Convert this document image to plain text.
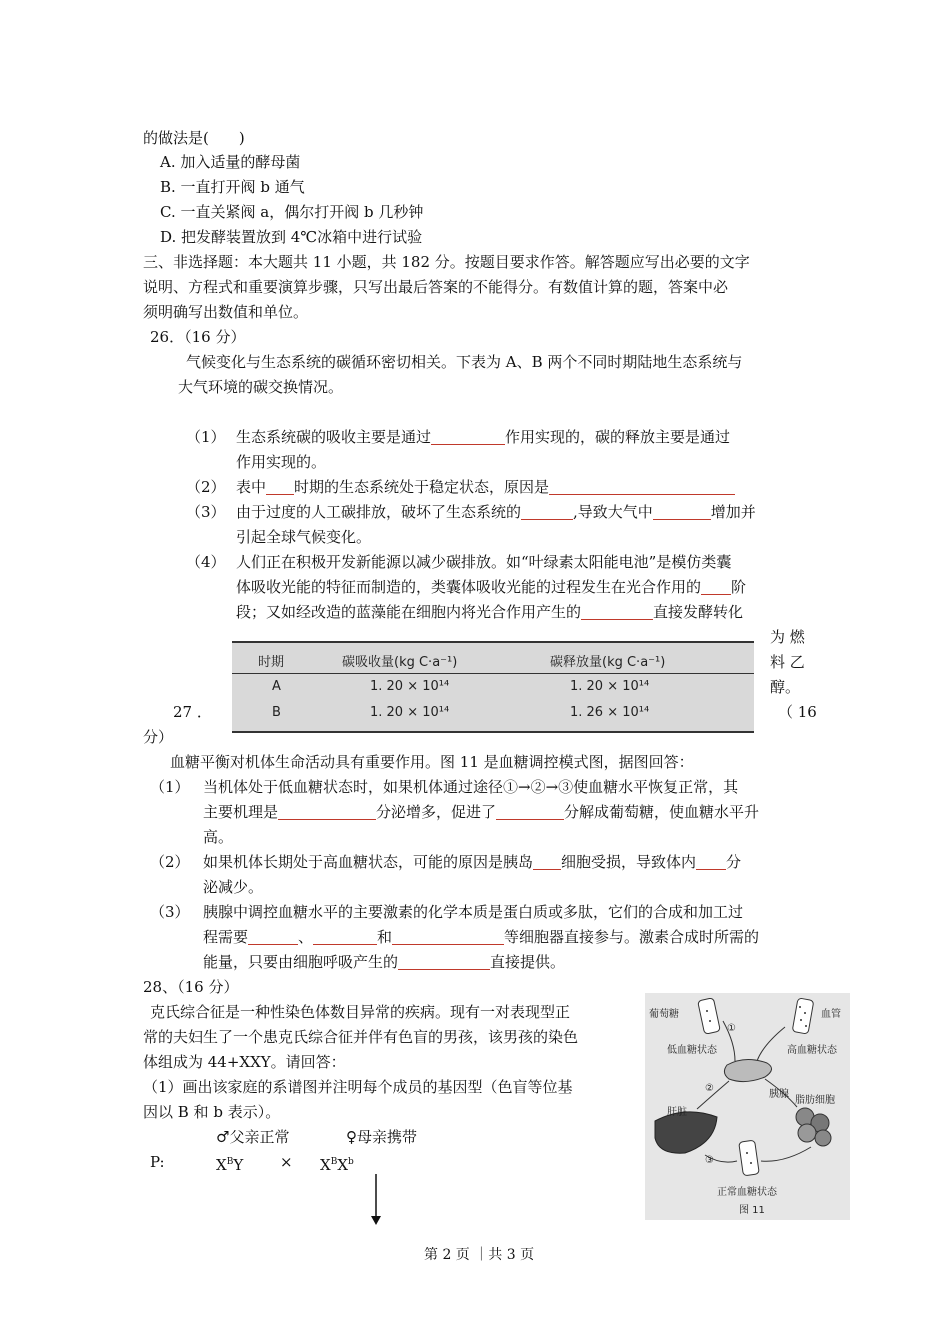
的做法是(　　)
A. 加入适量的酵母菌
B. 一直打开阀 b 通气
C. 一直关紧阀 a，偶尔打开阀 b 几秒钟
D. 把发酵装置放到 4℃冰箱中进行试验
三、非选择题：本大题共 11 小题，共 182 分。按题目要求作答。解答题应写出必要的文字
说明、方程式和重要演算步骤，只写出最后答案的不能得分。有数值计算的题，答案中必
须明确写出数值和单位。
26．（16 分）
气候变化与生态系统的碳循环密切相关。下表为 A、B 两个不同时期陆地生态系统与
大气环境的碳交换情况。
（1） 生态系统碳的吸收主要是通过	作用实现的，碳的释放主要是通过
作用实现的。
（2） 表中 时期的生态系统处于稳定状态，原因是
（3） 由于过度的人工碳排放，破坏了生态系统的	,导致大气中	增加并
引起全球气候变化。
（4） 人们正在积极开发新能源以减少碳排放。如“叶绿素太阳能电池”是模仿类囊
体吸收光能的特征而制造的，类囊体吸收光能的过程发生在光合作用的 阶
段；又如经改造的蓝藻能在细胞内将光合作用产生的	直接发酵转化
为 燃
料 乙
醇。
时期	碳吸收量(kg C·a⁻¹)	碳释放量(kg C·a⁻¹)
A	1. 20 × 10¹⁴	1. 20 × 10¹⁴
B	1. 20 × 10¹⁴	1. 26 × 10¹⁴
27 ．	（ 16
分）
血糖平衡对机体生命活动具有重要作用。图 11 是血糖调控模式图，据图回答：
（1） 当机体处于低血糖状态时，如果机体通过途径①→②→③使血糖水平恢复正常，其
主要机理是	分泌增多，促进了	分解成葡萄糖，使血糖水平升
高。
（2） 如果机体长期处于高血糖状态，可能的原因是胰岛 细胞受损，导致体内 分
泌减少。
（3） 胰腺中调控血糖水平的主要激素的化学本质是蛋白质或多肽，它们的合成和加工过
程需要	、	和	等细胞器直接参与。激素合成时所需的
能量，只要由细胞呼吸产生的	直接提供。
28、（16 分）
克氏综合征是一种性染色体数目异常的疾病。现有一对表现型正
常的夫妇生了一个患克氏综合征并伴有色盲的男孩，该男孩的染色
体组成为 44+XXY。请回答：
（1）画出该家庭的系谱图并注明每个成员的基因型（色盲等位基
因以 B 和 b 表示）。
♂父亲正常	♀母亲携带
P:	$X^BY \times X^BX^b$
葡萄糖	血管
①
低血糖状态	高血糖状态
②
胰腺
肝脏
脂肪细胞
③
正常血糖状态
图 11
第 2 页 ｜共 3 页
